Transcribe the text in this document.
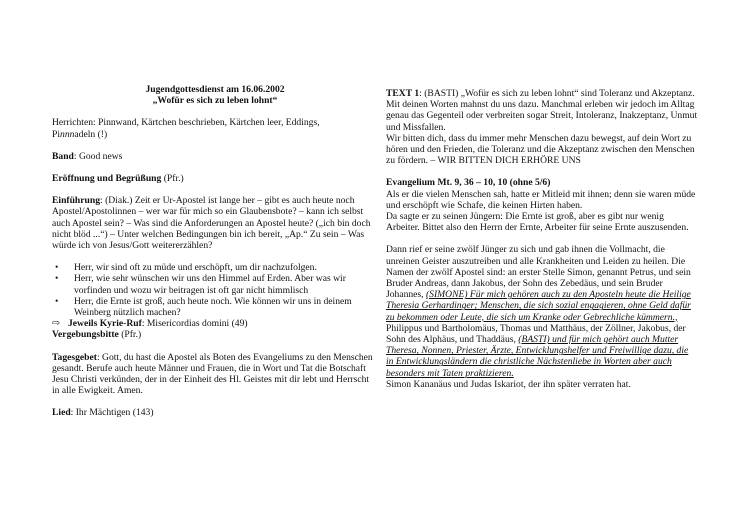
Jugendgottesdienst am 16.06.2002

„Wofür es sich zu leben lohnt“

Herrichten: Pinnwand, Kärtchen beschrieben, Kärtchen leer, Eddings,
Pinnnadeln (!)

Band: Good news

Eröffnung und Begrüßung (Pfr.)

Einführung: (Diak.) Zeit er Ur-Apostel ist lange her – gibt es auch heute noch Apostel/Apostolinnen – wer war für mich so ein Glaubensbote? – kann ich selbst auch Apostel sein? – Was sind die Anforderungen an Apostel heute? („ich bin doch nicht blöd ...“) – Unter welchen Bedingungen bin ich bereit, „Ap.“ Zu sein – Was würde ich von Jesus/Gott weitererzählen?

• Herr, wir sind oft zu müde und erschöpft, um dir nachzufolgen.
• Herr, wie sehr wünschen wir uns den Himmel auf Erden. Aber was wir vorfinden und wozu wir beitragen ist oft gar nicht himmlisch
• Herr, die Ernte ist groß, auch heute noch. Wie können wir uns in deinem Weinberg nützlich machen?

⇨ Jeweils Kyrie-Ruf: Misericordias domini (49)

Vergebungsbitte (Pfr.)

Tagesgebet: Gott, du hast die Apostel als Boten des Evangeliums zu den Menschen gesandt. Berufe auch heute Männer und Frauen, die in Wort und Tat die Botschaft Jesu Christi verkünden, der in der Einheit des Hl. Geistes mit dir lebt und Herrscht in alle Ewigkeit. Amen.

Lied: Ihr Mächtigen (143)

TEXT 1: (BASTI) „Wofür es sich zu leben lohnt“ sind Toleranz und Akzeptanz. Mit deinen Worten mahnst du uns dazu. Manchmal erleben wir jedoch im Alltag genau das Gegenteil oder verbreiten sogar Streit, Intoleranz, Inakzeptanz, Unmut und Missfallen.

Wir bitten dich, dass du immer mehr Menschen dazu bewegst, auf dein Wort zu hören und den Frieden, die Toleranz und die Akzeptanz zwischen den Menschen zu fördern. – WIR BITTEN DICH ERHÖRE UNS

Evangelium Mt. 9, 36 – 10, 10 (ohne 5/6)

Als er die vielen Menschen sah, hatte er Mitleid mit ihnen; denn sie waren müde und erschöpft wie Schafe, die keinen Hirten haben.

Da sagte er zu seinen Jüngern: Die Ernte ist groß, aber es gibt nur wenig Arbeiter. Bittet also den Herrn der Ernte, Arbeiter für seine Ernte auszusenden.

Dann rief er seine zwölf Jünger zu sich und gab ihnen die Vollmacht, die unreinen Geister auszutreiben und alle Krankheiten und Leiden zu heilen. Die Namen der zwölf Apostel sind: an erster Stelle Simon, genannt Petrus, und sein Bruder Andreas, dann Jakobus, der Sohn des Zebedäus, und sein Bruder Johannes, (SIMONE) Für mich gehören auch zu den Aposteln heute die Heilige Theresia Gerhardinger; Menschen, die sich sozial engagieren, ohne Geld dafür zu bekommen oder Leute, die sich um Kranke oder Gebrechliche kümmern.,
Philippus und Bartholomäus, Thomas und Matthäus, der Zöllner, Jakobus, der Sohn des Alphäus, und Thaddäus, (BASTI) und für mich gehört auch Mutter Theresa, Nonnen, Priester, Ärzte, Entwicklungshelfer und Freiwillige dazu, die in Entwicklungsländern die christliche Nächstenliebe in Worten aber auch besonders mit Taten praktizieren.
Simon Kananäus und Judas Iskariot, der ihn später verraten hat.
